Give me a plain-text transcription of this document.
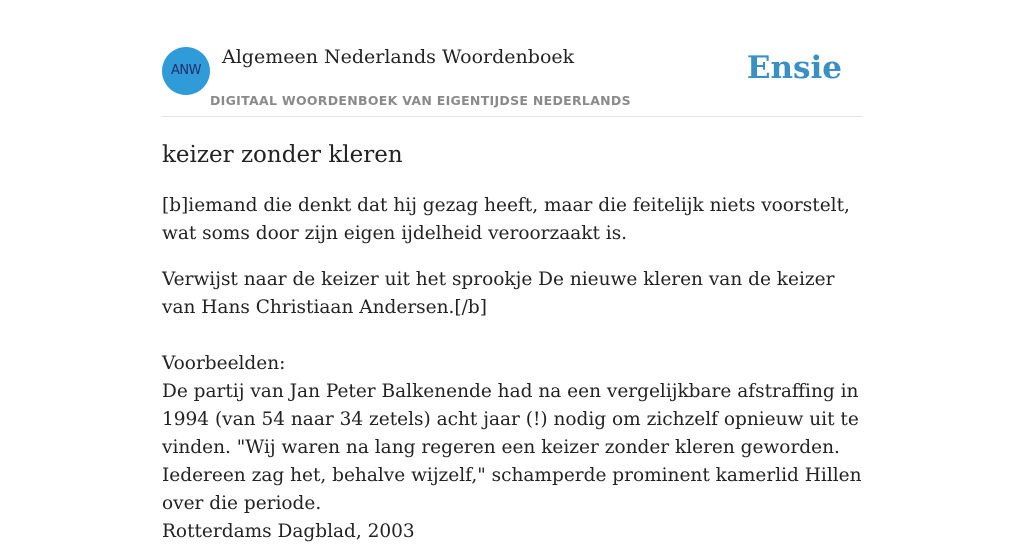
ANW
Algemeen Nederlands Woordenboek
DIGITAAL WOORDENBOEK VAN EIGENTIJDSE NEDERLANDS
Ensie
keizer zonder kleren

[b]iemand die denkt dat hij gezag heeft, maar die feitelijk niets voorstelt, wat soms door zijn eigen ijdelheid veroorzaakt is.

Verwijst naar de keizer uit het sprookje De nieuwe kleren van de keizer van Hans Christiaan Andersen.[/b]

Voorbeelden:
De partij van Jan Peter Balkenende had na een vergelijkbare afstraffing in 1994 (van 54 naar 34 zetels) acht jaar (!) nodig om zichzelf opnieuw uit te vinden. "Wij waren na lang regeren een keizer zonder kleren geworden. Iedereen zag het, behalve wijzelf," schamperde prominent kamerlid Hillen over die periode.
Rotterdams Dagblad, 2003
